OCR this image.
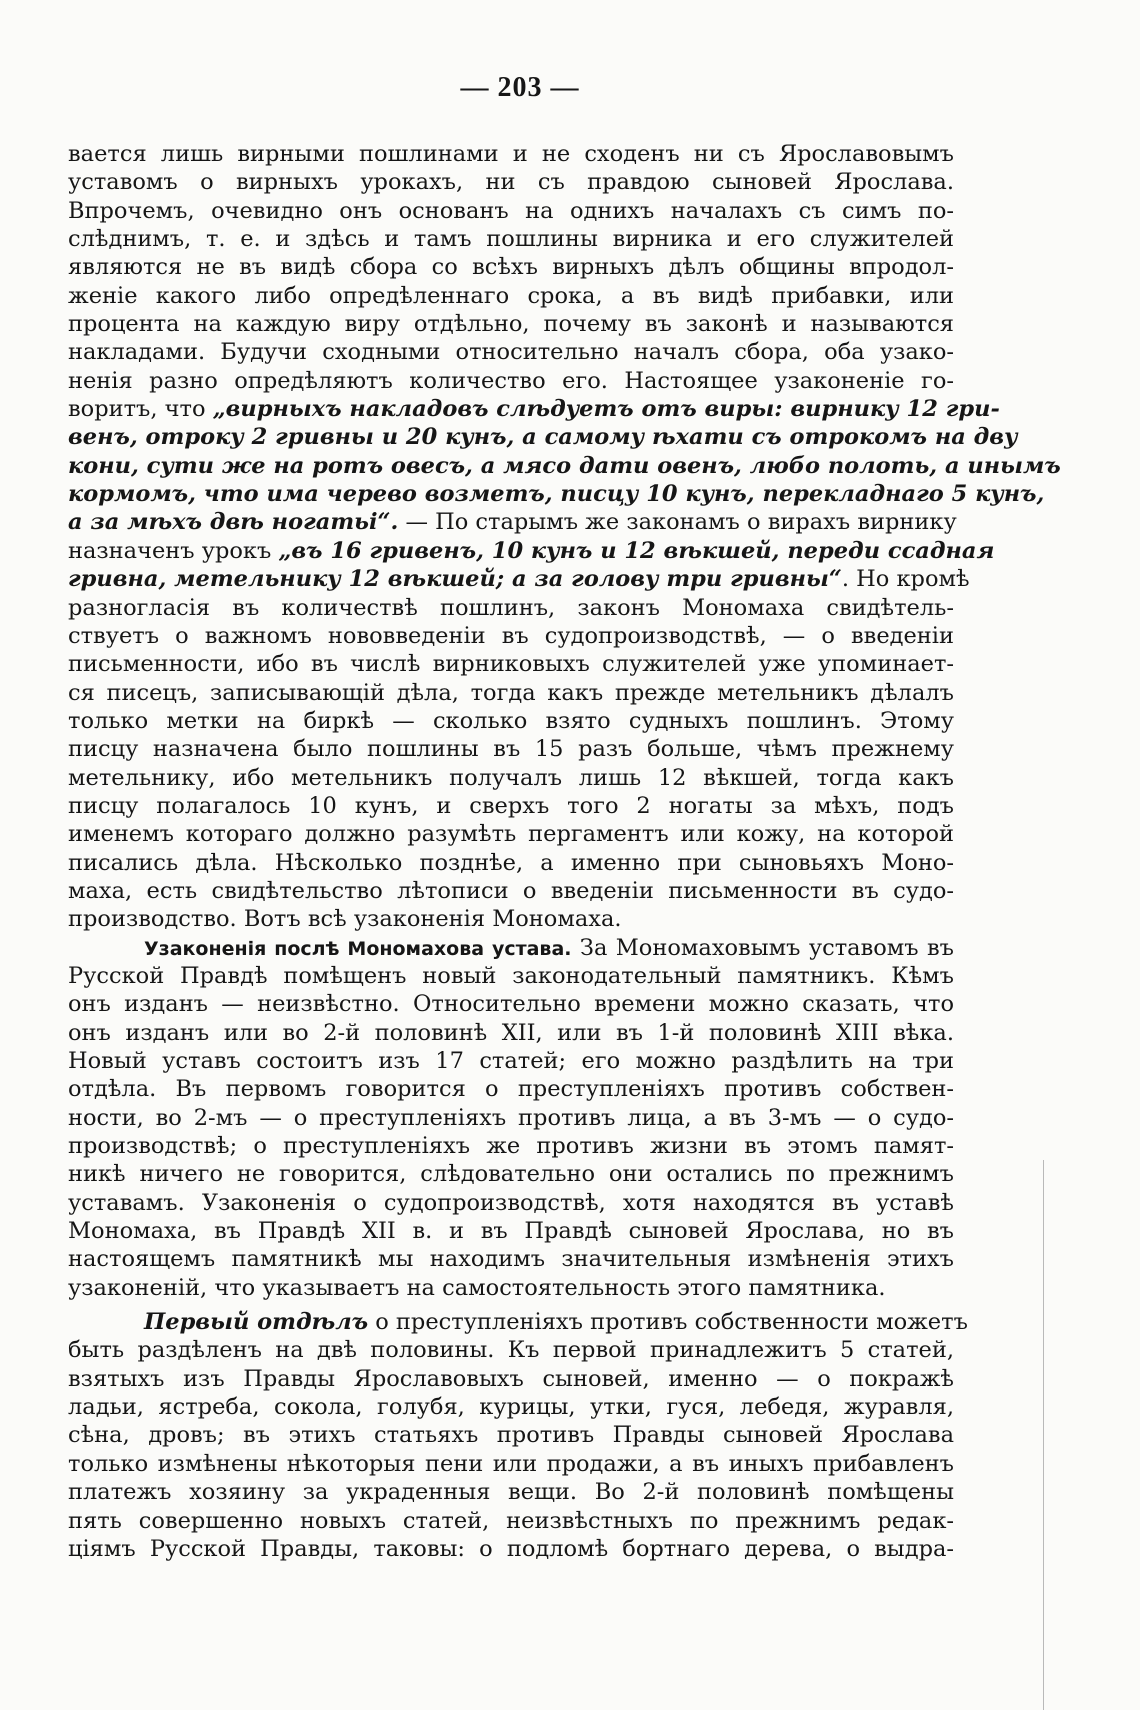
— 203 —
вается лишь вирными пошлинами и не сходенъ ни съ Ярославовымъ
уставомъ о вирныхъ урокахъ, ни съ правдою сыновей Ярослава.
Впрочемъ, очевидно онъ основанъ на однихъ началахъ съ симъ по-
слѣднимъ, т. е. и здѣсь и тамъ пошлины вирника и его служителей
являются не въ видѣ сбора со всѣхъ вирныхъ дѣлъ общины впродол-
женіе какого либо опредѣленнаго срока, а въ видѣ прибавки, или
процента на каждую виру отдѣльно, почему въ законѣ и называются
накладами. Будучи сходными относительно началъ сбора, оба узако-
ненія разно опредѣляютъ количество его. Настоящее узаконеніе го-
воритъ, что „вирныхъ накладовъ слѣдуетъ отъ виры: вирнику 12 гри-
венъ, отроку 2 гривны и 20 кунъ, а самому ѣхати съ отрокомъ на дву
кони, сути же на ротъ овесъ, а мясо дати овенъ, любо полоть, а инымъ
кормомъ, что има черево возметъ, писцу 10 кунъ, перекладнаго 5 кунъ,
а за мѣхъ двѣ ногатьі“. — По старымъ же законамъ о вирахъ вирнику
назначенъ урокъ „въ 16 гривенъ, 10 кунъ и 12 вѣкшей, переди ссадная
гривна, метельнику 12 вѣкшей; а за голову три гривны“. Но кромѣ
разногласія въ количествѣ пошлинъ, законъ Мономаха свидѣтель-
ствуетъ о важномъ нововведеніи въ судопроизводствѣ, — о введеніи
письменности, ибо въ числѣ вирниковыхъ служителей уже упоминает-
ся писецъ, записывающій дѣла, тогда какъ прежде метельникъ дѣлалъ
только метки на биркѣ — сколько взято судныхъ пошлинъ. Этому
писцу назначена было пошлины въ 15 разъ больше, чѣмъ прежнему
метельнику, ибо метельникъ получалъ лишь 12 вѣкшей, тогда какъ
писцу полагалось 10 кунъ, и сверхъ того 2 ногаты за мѣхъ, подъ
именемъ котораго должно разумѣть пергаментъ или кожу, на которой
писались дѣла. Нѣсколько позднѣе, а именно при сыновьяхъ Моно-
маха, есть свидѣтельство лѣтописи о введеніи письменности въ судо-
производство. Вотъ всѣ узаконенія Мономаха.
Узаконенія послѣ Мономахова устава. За Мономаховымъ уставомъ въ
Русской Правдѣ помѣщенъ новый законодательный памятникъ. Кѣмъ
онъ изданъ — неизвѣстно. Относительно времени можно сказать, что
онъ изданъ или во 2-й половинѣ XII, или въ 1-й половинѣ XIII вѣка.
Новый уставъ состоитъ изъ 17 статей; его можно раздѣлить на три
отдѣла. Въ первомъ говорится о преступленіяхъ противъ собствен-
ности, во 2-мъ — о преступленіяхъ противъ лица, а въ 3-мъ — о судо-
производствѣ; о преступленіяхъ же противъ жизни въ этомъ памят-
никѣ ничего не говорится, слѣдовательно они остались по прежнимъ
уставамъ. Узаконенія о судопроизводствѣ, хотя находятся въ уставѣ
Мономаха, въ Правдѣ XII в. и въ Правдѣ сыновей Ярослава, но въ
настоящемъ памятникѣ мы находимъ значительныя измѣненія этихъ
узаконеній, что указываетъ на самостоятельность этого памятника.
Первый отдѣлъ о преступленіяхъ противъ собственности можетъ
быть раздѣленъ на двѣ половины. Къ первой принадлежитъ 5 статей,
взятыхъ изъ Правды Ярославовыхъ сыновей, именно — о покражѣ
ладьи, ястреба, сокола, голубя, курицы, утки, гуся, лебедя, журавля,
сѣна, дровъ; въ этихъ статьяхъ противъ Правды сыновей Ярослава
только измѣнены нѣкоторыя пени или продажи, а въ иныхъ прибавленъ
платежъ хозяину за украденныя вещи. Во 2-й половинѣ помѣщены
пять совершенно новыхъ статей, неизвѣстныхъ по прежнимъ редак-
ціямъ Русской Правды, таковы: о подломѣ бортнаго дерева, о выдра-
